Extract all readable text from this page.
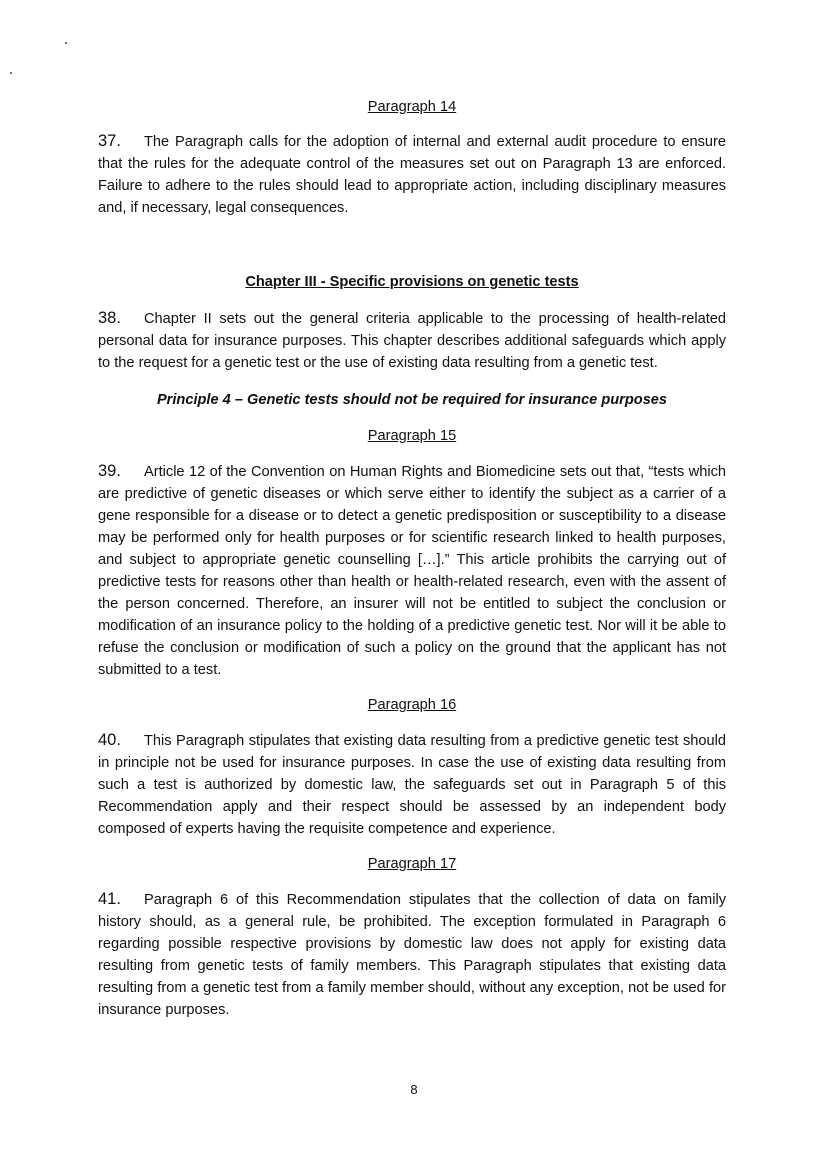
Paragraph 14

37. The Paragraph calls for the adoption of internal and external audit procedure to ensure that the rules for the adequate control of the measures set out on Paragraph 13 are enforced. Failure to adhere to the rules should lead to appropriate action, including disciplinary measures and, if necessary, legal consequences.

Chapter III - Specific provisions on genetic tests

38. Chapter II sets out the general criteria applicable to the processing of health-related personal data for insurance purposes. This chapter describes additional safeguards which apply to the request for a genetic test or the use of existing data resulting from a genetic test.

Principle 4 – Genetic tests should not be required for insurance purposes

Paragraph 15

39. Article 12 of the Convention on Human Rights and Biomedicine sets out that, “tests which are predictive of genetic diseases or which serve either to identify the subject as a carrier of a gene responsible for a disease or to detect a genetic predisposition or susceptibility to a disease may be performed only for health purposes or for scientific research linked to health purposes, and subject to appropriate genetic counselling […].” This article prohibits the carrying out of predictive tests for reasons other than health or health-related research, even with the assent of the person concerned. Therefore, an insurer will not be entitled to subject the conclusion or modification of an insurance policy to the holding of a predictive genetic test. Nor will it be able to refuse the conclusion or modification of such a policy on the ground that the applicant has not submitted to a test.

Paragraph 16

40. This Paragraph stipulates that existing data resulting from a predictive genetic test should in principle not be used for insurance purposes. In case the use of existing data resulting from such a test is authorized by domestic law, the safeguards set out in Paragraph 5 of this Recommendation apply and their respect should be assessed by an independent body composed of experts having the requisite competence and experience.

Paragraph 17

41. Paragraph 6 of this Recommendation stipulates that the collection of data on family history should, as a general rule, be prohibited. The exception formulated in Paragraph 6 regarding possible respective provisions by domestic law does not apply for existing data resulting from genetic tests of family members. This Paragraph stipulates that existing data resulting from a genetic test from a family member should, without any exception, not be used for insurance purposes.

8
